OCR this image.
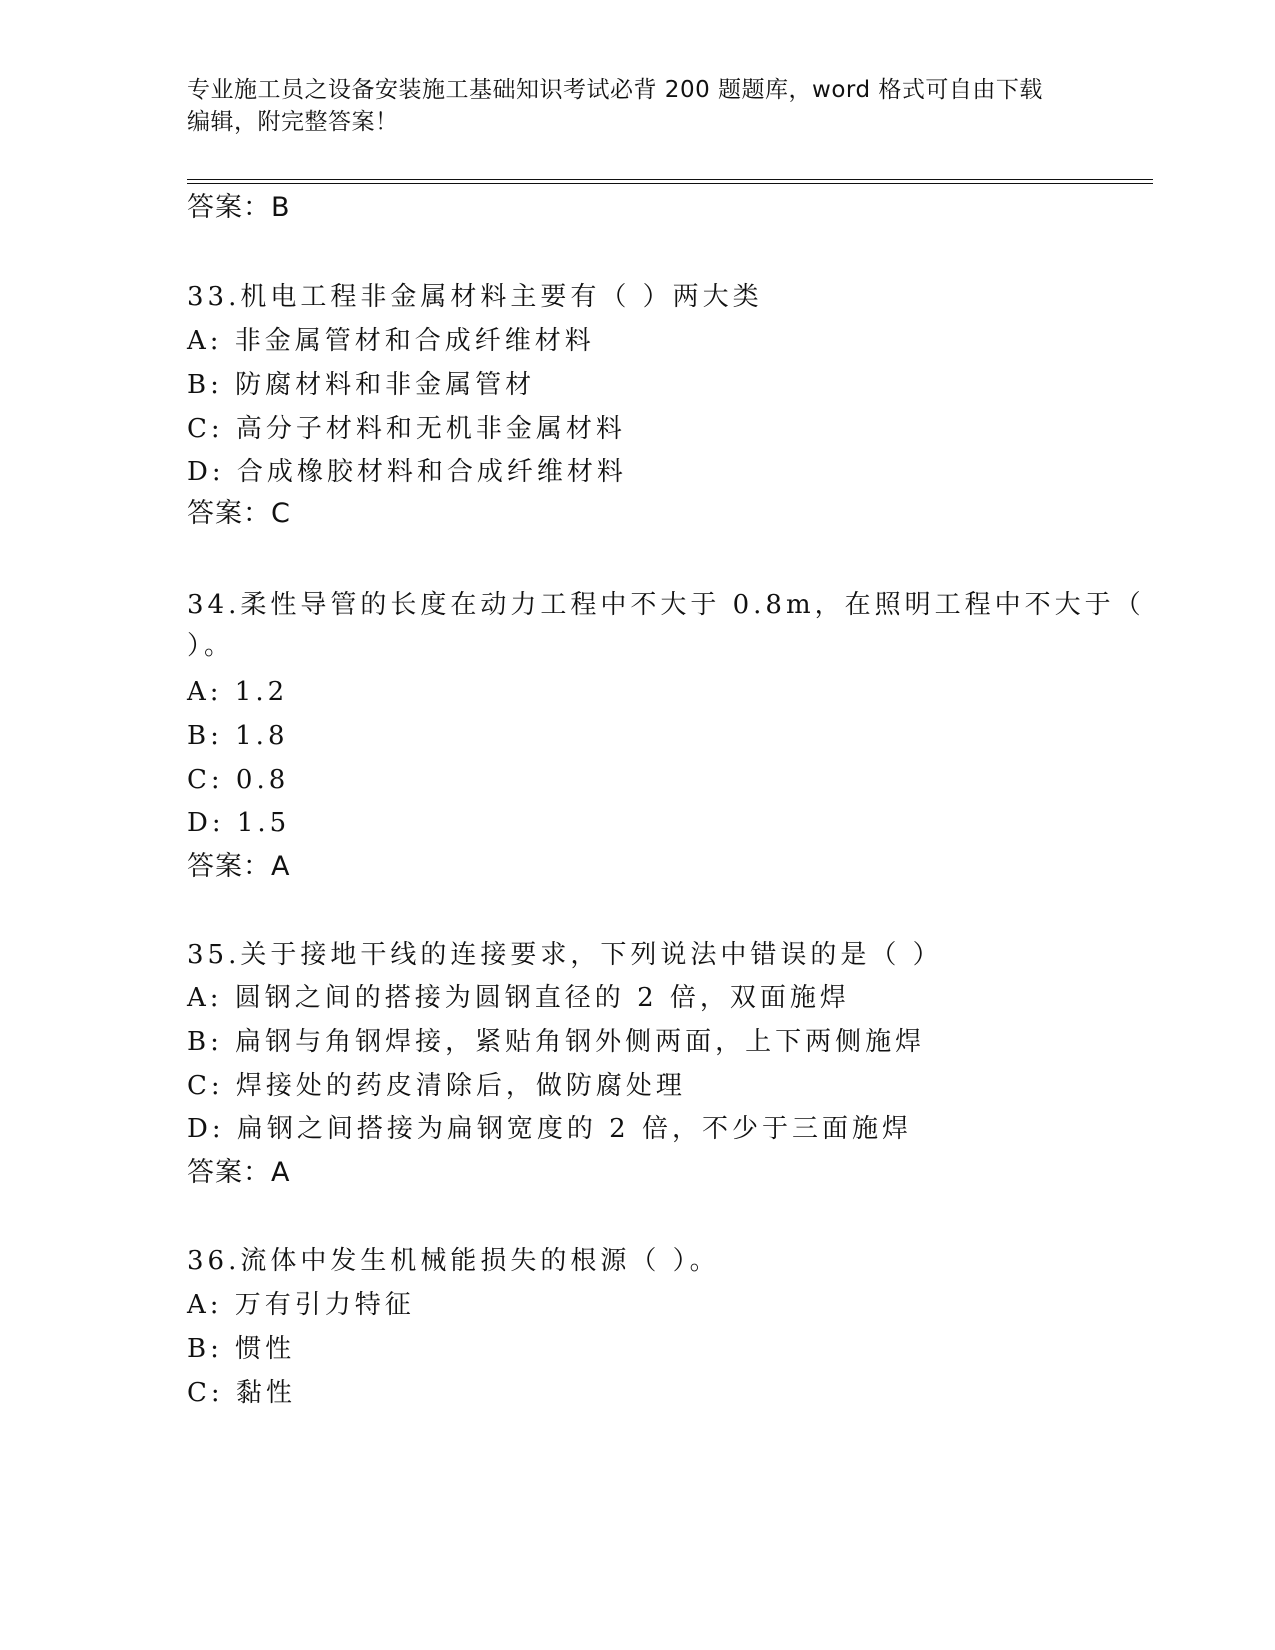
专业施工员之设备安装施工基础知识考试必背 200 题题库，word 格式可自由下载
编辑，附完整答案！
答案：B
33.机电工程非金属材料主要有（ ）两大类
A: 非金属管材和合成纤维材料
B: 防腐材料和非金属管材
C: 高分子材料和无机非金属材料
D: 合成橡胶材料和合成纤维材料
答案：C
34.柔性导管的长度在动力工程中不大于 0.8m，在照明工程中不大于（
）。
A: 1.2
B: 1.8
C: 0.8
D: 1.5
答案：A
35.关于接地干线的连接要求，下列说法中错误的是（ ）
A: 圆钢之间的搭接为圆钢直径的 2 倍，双面施焊
B: 扁钢与角钢焊接，紧贴角钢外侧两面，上下两侧施焊
C: 焊接处的药皮清除后，做防腐处理
D: 扁钢之间搭接为扁钢宽度的 2 倍，不少于三面施焊
答案：A
36.流体中发生机械能损失的根源（ ）。
A: 万有引力特征
B: 惯性
C: 黏性
